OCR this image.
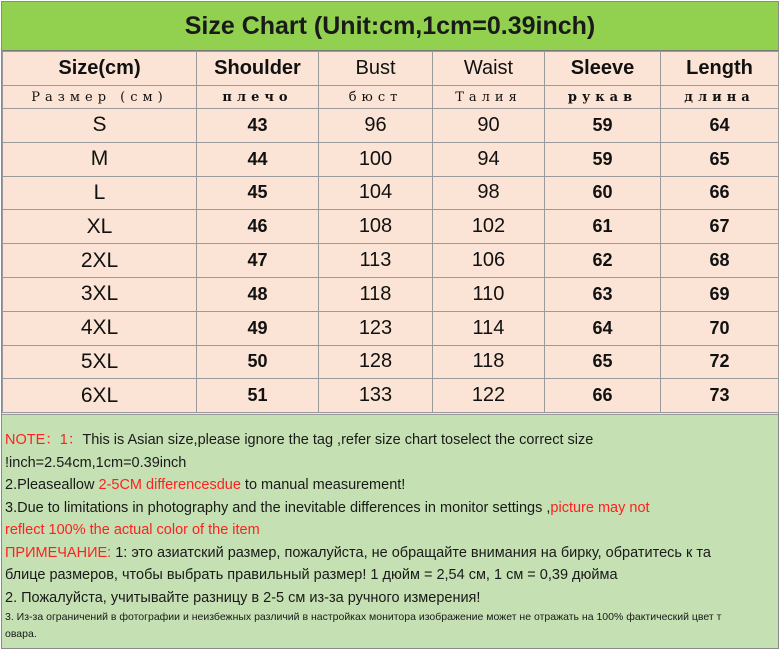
Size Chart (Unit:cm,1cm=0.39inch)
Size(cm)	Shoulder	Bust	Waist	Sleeve	Length
Размер (см)	плечо	бюст	Талия	рукав	длина
S	43	96	90	59	64
M	44	100	94	59	65
L	45	104	98	60	66
XL	46	108	102	61	67
2XL	47	113	106	62	68
3XL	48	118	110	63	69
4XL	49	123	114	64	70
5XL	50	128	118	65	72
6XL	51	133	122	66	73
NOTE：1：This is Asian size,please ignore the tag ,refer size chart toselect the correct size
!inch=2.54cm,1cm=0.39inch
2.Pleaseallow 2-5CM differencesdue to manual measurement!
3.Due to limitations in photography and the inevitable differences in monitor settings ,picture may not
reflect 100% the actual color of the item
ПРИМЕЧАНИЕ: 1: это азиатский размер, пожалуйста, не обращайте внимания на бирку, обратитесь к та
блице размеров, чтобы выбрать правильный размер! 1 дюйм = 2,54 см, 1 см = 0,39 дюйма
2. Пожалуйста, учитывайте разницу в 2-5 см из-за ручного измерения!
3. Из-за ограничений в фотографии и неизбежных различий в настройках монитора изображение может не отражать на 100% фактический цвет т
овара.
